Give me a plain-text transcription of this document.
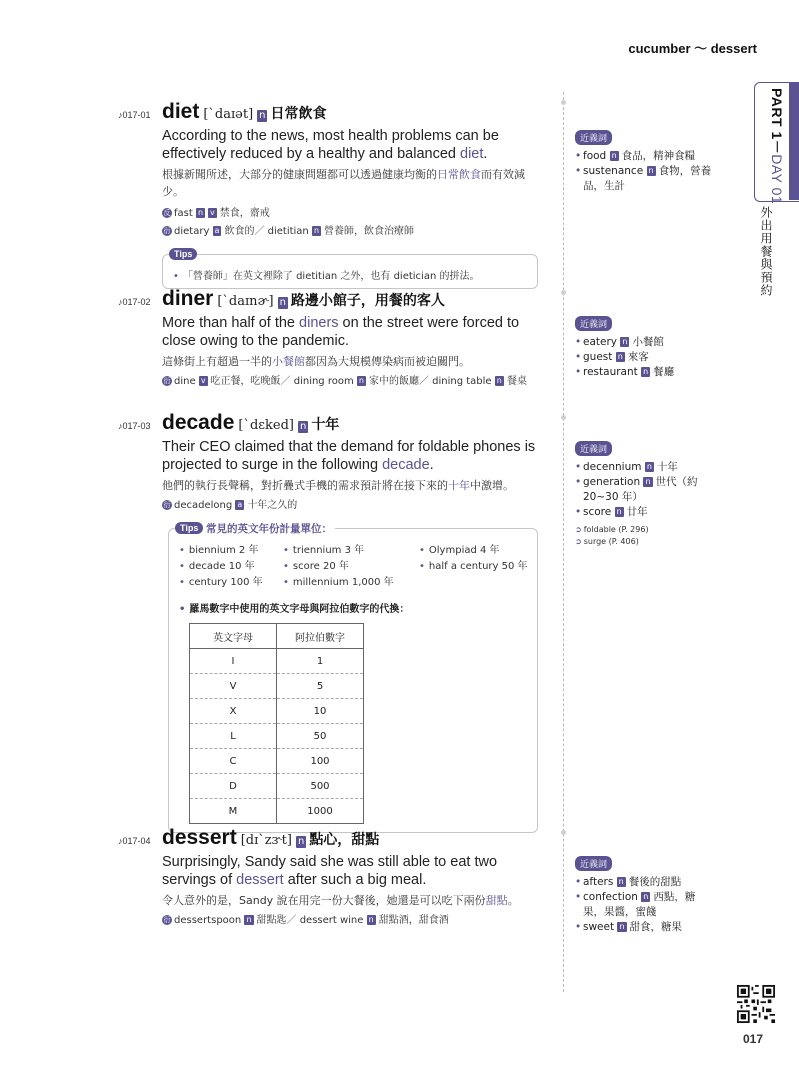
cucumber ～ dessert
PART 1－DAY 01
外出用餐與預約
♪017-01 diet [ˋdaɪət] n 日常飲食
According to the news, most health problems can be effectively reduced by a healthy and balanced diet.
根據新聞所述，大部分的健康問題都可以透過健康均衡的日常飲食而有效減少。
反 fast n v 禁食，齋戒
衍 dietary a 飲食的／ dietitian n 營養師，飲食治療師
Tips
• 「營養師」在英文裡除了 dietitian 之外，也有 dietician 的拼法。
近義詞
• food n 食品，精神食糧
• sustenance n 食物，營養品，生計
♪017-02 diner [ˋdaɪnɚ] n 路邊小館子，用餐的客人
More than half of the diners on the street were forced to close owing to the pandemic.
這條街上有超過一半的小餐館都因為大規模傳染病而被迫關門。
衍 dine v 吃正餐，吃晚飯／ dining room n 家中的飯廳／ dining table n 餐桌
近義詞
• eatery n 小餐館
• guest n 來客
• restaurant n 餐廳
♪017-03 decade [ˋdɛked] n 十年
Their CEO claimed that the demand for foldable phones is projected to surge in the following decade.
他們的執行長聲稱，對折疊式手機的需求預計將在接下來的十年中激增。
衍 decadelong a 十年之久的
Tips 常見的英文年份計量單位：
• biennium 2 年	• triennium 3 年	• Olympiad 4 年
• decade 10 年	• score 20 年	• half a century 50 年
• century 100 年	• millennium 1,000 年
• 羅馬數字中使用的英文字母與阿拉伯數字的代換：
英文字母	阿拉伯數字
I	1
V	5
X	10
L	50
C	100
D	500
M	1000
近義詞
• decennium n 十年
• generation n 世代（約 20~30 年）
• score n 廿年
➲ foldable (P. 296)
➲ surge (P. 406)
♪017-04 dessert [dɪˋzɝt] n 點心，甜點
Surprisingly, Sandy said she was still able to eat two servings of dessert after such a big meal.
令人意外的是，Sandy 說在用完一份大餐後，她還是可以吃下兩份甜點。
衍 dessertspoon n 甜點匙／ dessert wine n 甜點酒，甜食酒
近義詞
• afters n 餐後的甜點
• confection n 西點，糖果，果醬，蜜餞
• sweet n 甜食，糖果
017
